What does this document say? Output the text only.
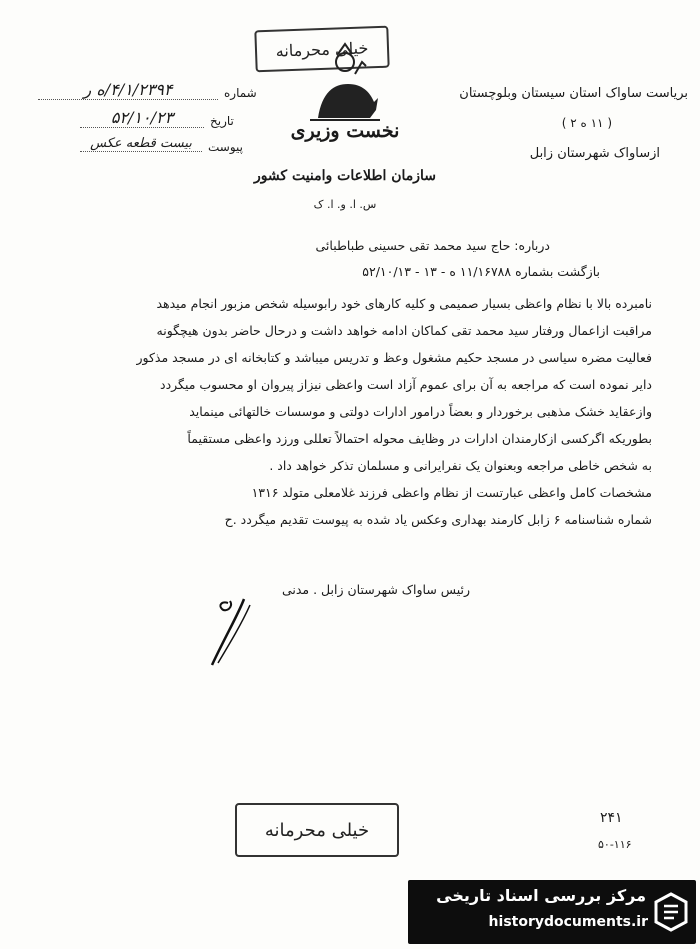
خیلی محرمانه
نخست وزیری
سازمان اطلاعات وامنیت کشور
س. ا. و. ا. ک
بریاست ساواک استان سیستان وبلوچستان
( ۱۱ ه ۲ )
ازساواک شهرستان زابل
شماره
۴/۱/۲۳۹۴/ه ر
تاریخ
۵۲/۱۰/۲۳
پیوست
بیست قطعه عکس
درباره: حاج سید محمد تقی حسینی طباطبائی
بازگشت بشماره ۱۱/۱۶۷۸۸ ه - ۱۳ - ۵۲/۱۰/۱۳
نامبرده بالا با نظام واعظی بسیار صمیمی و کلیه کارهای خود رابوسیله شخص مزبور انجام میدهد
مراقبت ازاعمال ورفتار سید محمد تقی کماکان ادامه خواهد داشت و درحال حاضر بدون هیچگونه
فعالیت مضره سیاسی در مسجد حکیم مشغول وعظ و تدریس میباشد و کتابخانه ای در مسجد مذکور
دایر نموده است که مراجعه به آن برای عموم آزاد است واعظی نیزاز پیروان او محسوب میگردد
وازعقاید خشک مذهبی برخوردار و بعضاً درامور ادارات دولتی و موسسات خالتهائی مینماید
بطوریکه اگرکسی ازکارمندان ادارات در وظایف محوله احتمالاً تعللی ورزد واعظی مستقیماً
به شخص خاطی مراجعه وبعنوان یک نفرایرانی و مسلمان تذکر خواهد داد .
مشخصات کامل واعظی عبارتست از نظام واعظی فرزند غلامعلی متولد ۱۳۱۶
شماره شناسنامه ۶ زابل کارمند بهداری وعکس یاد شده به پیوست تقدیم میگردد .ح
رئیس ساواک شهرستان زابل . مدنی
خیلی محرمانه
۲۴۱
۵۰-۱۱۶
مرکز بررسی اسناد تاریخی
historydocuments.ir
